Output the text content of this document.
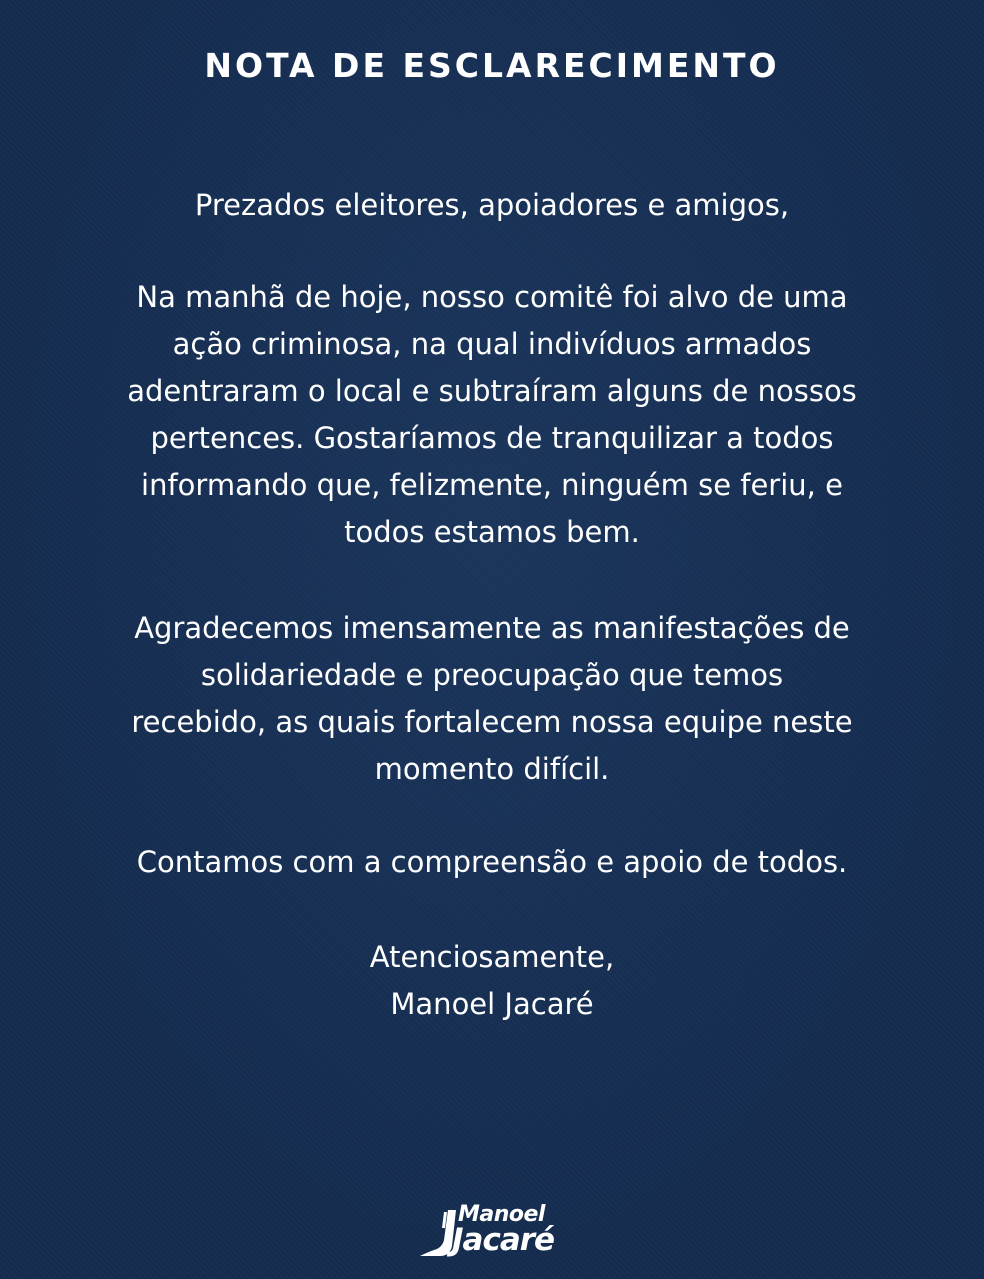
NOTA DE ESCLARECIMENTO

Prezados eleitores, apoiadores e amigos,

Na manhã de hoje, nosso comitê foi alvo de uma
ação criminosa, na qual indivíduos armados
adentraram o local e subtraíram alguns de nossos
pertences. Gostaríamos de tranquilizar a todos
informando que, felizmente, ninguém se feriu, e
todos estamos bem.

Agradecemos imensamente as manifestações de
solidariedade e preocupação que temos
recebido, as quais fortalecem nossa equipe neste
momento difícil.

Contamos com a compreensão e apoio de todos.

Atenciosamente,
Manoel Jacaré

Manoel
Jacaré
